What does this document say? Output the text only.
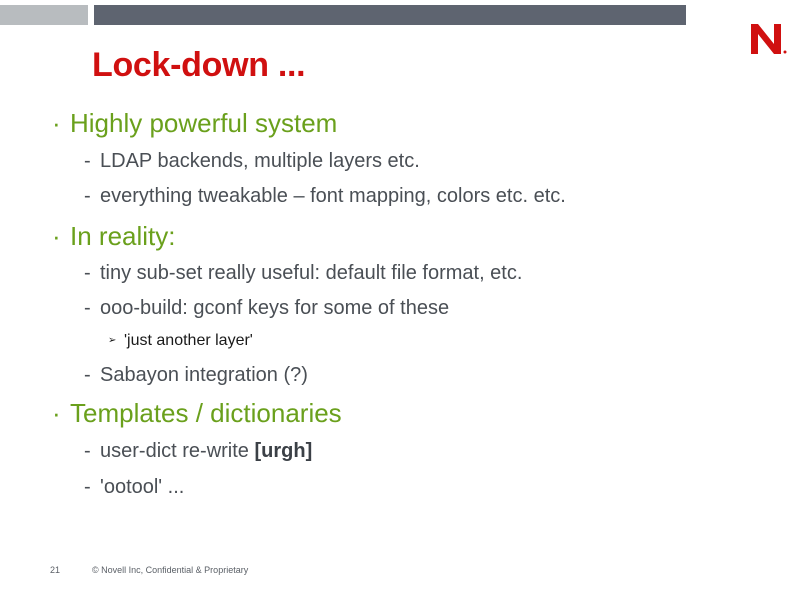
Lock-down ...
· Highly powerful system
- LDAP backends, multiple layers etc.
- everything tweakable – font mapping, colors etc. etc.
· In reality:
- tiny sub-set really useful: default file format, etc.
- ooo-build: gconf keys for some of these
➢ 'just another layer'
- Sabayon integration (?)
· Templates / dictionaries
- user-dict re-write [urgh]
- 'ootool' ...
21	© Novell Inc, Confidential & Proprietary
